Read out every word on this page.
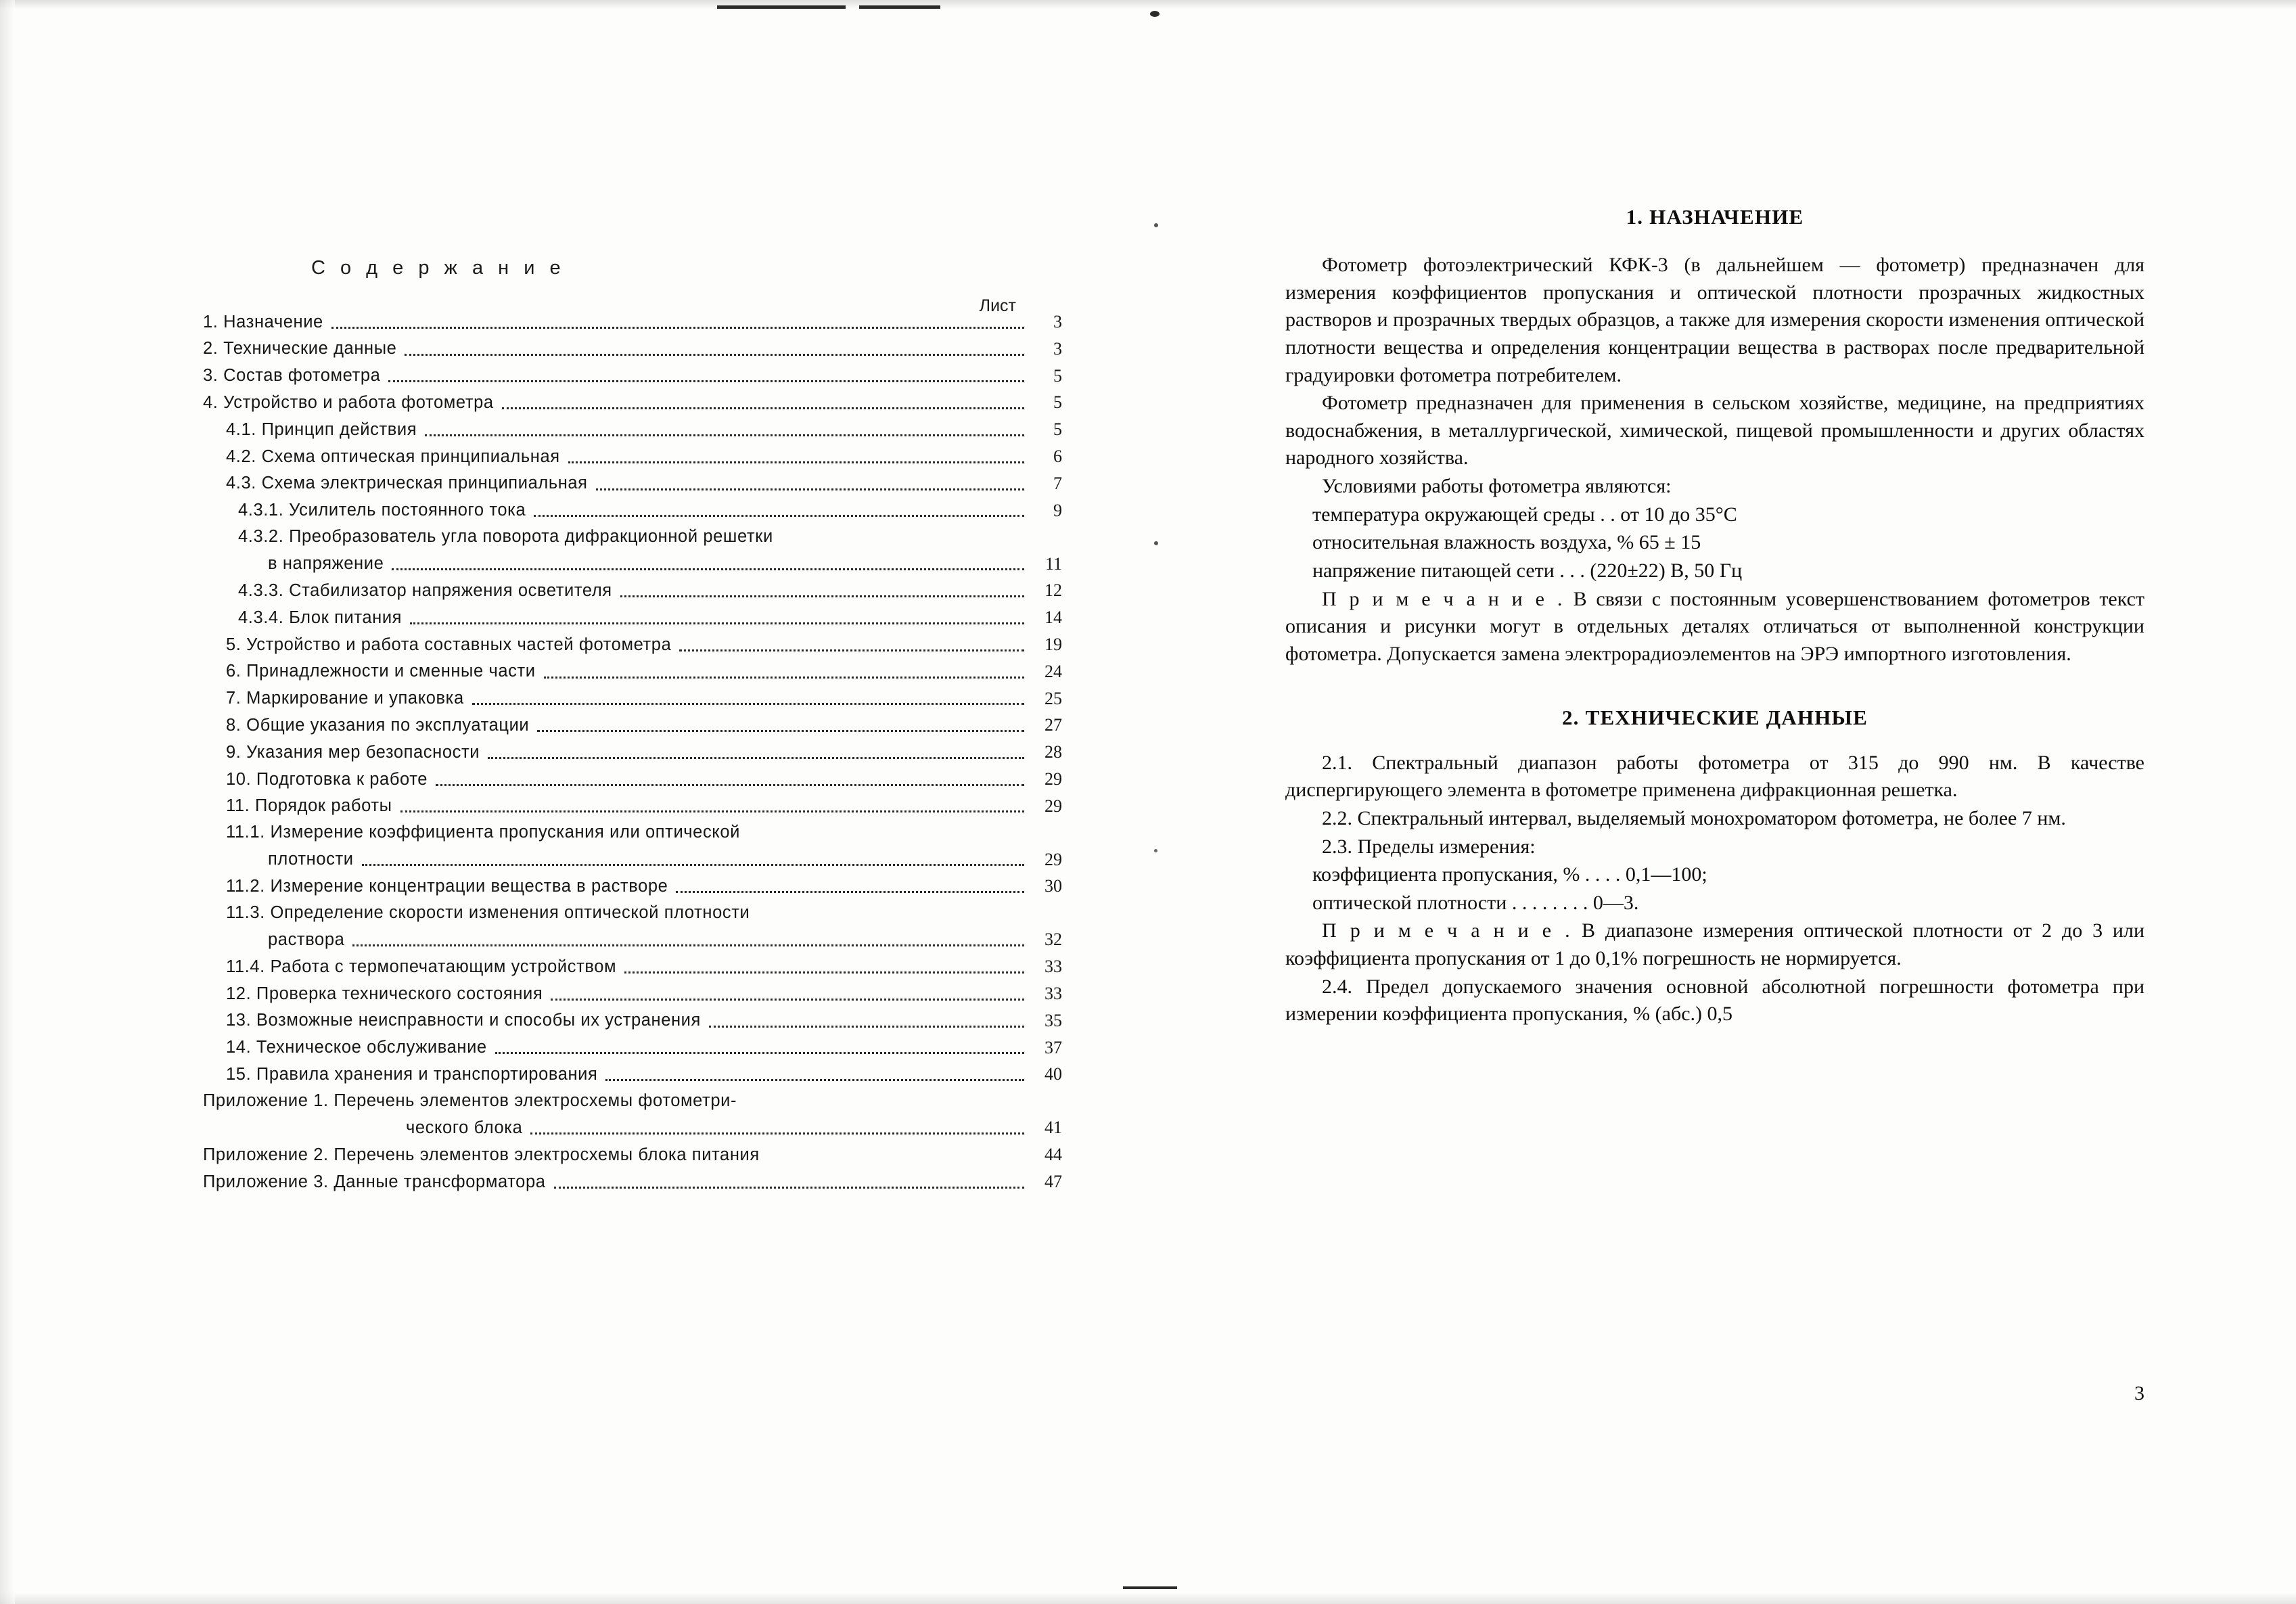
С о д е р ж а н и е
Лист
1. Назначение	3
2. Технические данные	3
3. Состав фотометра	5
4. Устройство и работа фотометра	5
4.1. Принцип действия	5
4.2. Схема оптическая принципиальная	6
4.3. Схема электрическая принципиальная	7
4.3.1. Усилитель постоянного тока	9
4.3.2. Преобразователь угла поворота дифракционной решетки
в напряжение	11
4.3.3. Стабилизатор напряжения осветителя	12
4.3.4. Блок питания	14
5. Устройство и работа составных частей фотометра	19
6. Принадлежности и сменные части	24
7. Маркирование и упаковка	25
8. Общие указания по эксплуатации	27
9. Указания мер безопасности	28
10. Подготовка к работе	29
11. Порядок работы	29
11.1. Измерение коэффициента пропускания или оптической
плотности	29
11.2. Измерение концентрации вещества в растворе	30
11.3. Определение скорости изменения оптической плотности
раствора	32
11.4. Работа с термопечатающим устройством	33
12. Проверка технического состояния	33
13. Возможные неисправности и способы их устранения	35
14. Техническое обслуживание	37
15. Правила хранения и транспортирования	40
Приложение 1. Перечень элементов электросхемы фотометри-
ческого блока	41
Приложение 2. Перечень элементов электросхемы блока питания	44
Приложение 3. Данные трансформатора	47
1. НАЗНАЧЕНИЕ

Фотометр фотоэлектрический КФК-3 (в дальнейшем — фотометр) предназначен для измерения коэффициентов пропускания и оптической плотности прозрачных жидкостных растворов и прозрачных твердых образцов, а также для измерения скорости изменения оптической плотности вещества и определения концентрации вещества в растворах после предварительной градуировки фотометра потребителем.

Фотометр предназначен для применения в сельском хозяйстве, медицине, на предприятиях водоснабжения, в металлургической, химической, пищевой промышленности и других областях народного хозяйства.

Условиями работы фотометра являются:

температура окружающей среды . . от 10 до 35°C

относительная влажность воздуха, % 65 ± 15

напряжение питающей сети . . . (220±22) В, 50 Гц

П р и м е ч а н и е . В связи с постоянным усовершенствованием фотометров текст описания и рисунки могут в отдельных деталях отличаться от выполненной конструкции фотометра. Допускается замена электрорадиоэлементов на ЭРЭ импортного изготовления.

2. ТЕХНИЧЕСКИЕ ДАННЫЕ

2.1. Спектральный диапазон работы фотометра от 315 до 990 нм. В качестве диспергирующего элемента в фотометре применена дифракционная решетка.

2.2. Спектральный интервал, выделяемый монохроматором фотометра, не более 7 нм.

2.3. Пределы измерения:

коэффициента пропускания, % . . . . 0,1—100;

оптической плотности . . . . . . . . 0—3.

П р и м е ч а н и е . В диапазоне измерения оптической плотности от 2 до 3 или коэффициента пропускания от 1 до 0,1% погрешность не нормируется.

2.4. Предел допускаемого значения основной абсолютной погрешности фотометра при измерении коэффициента пропускания, % (абс.) 0,5

3
